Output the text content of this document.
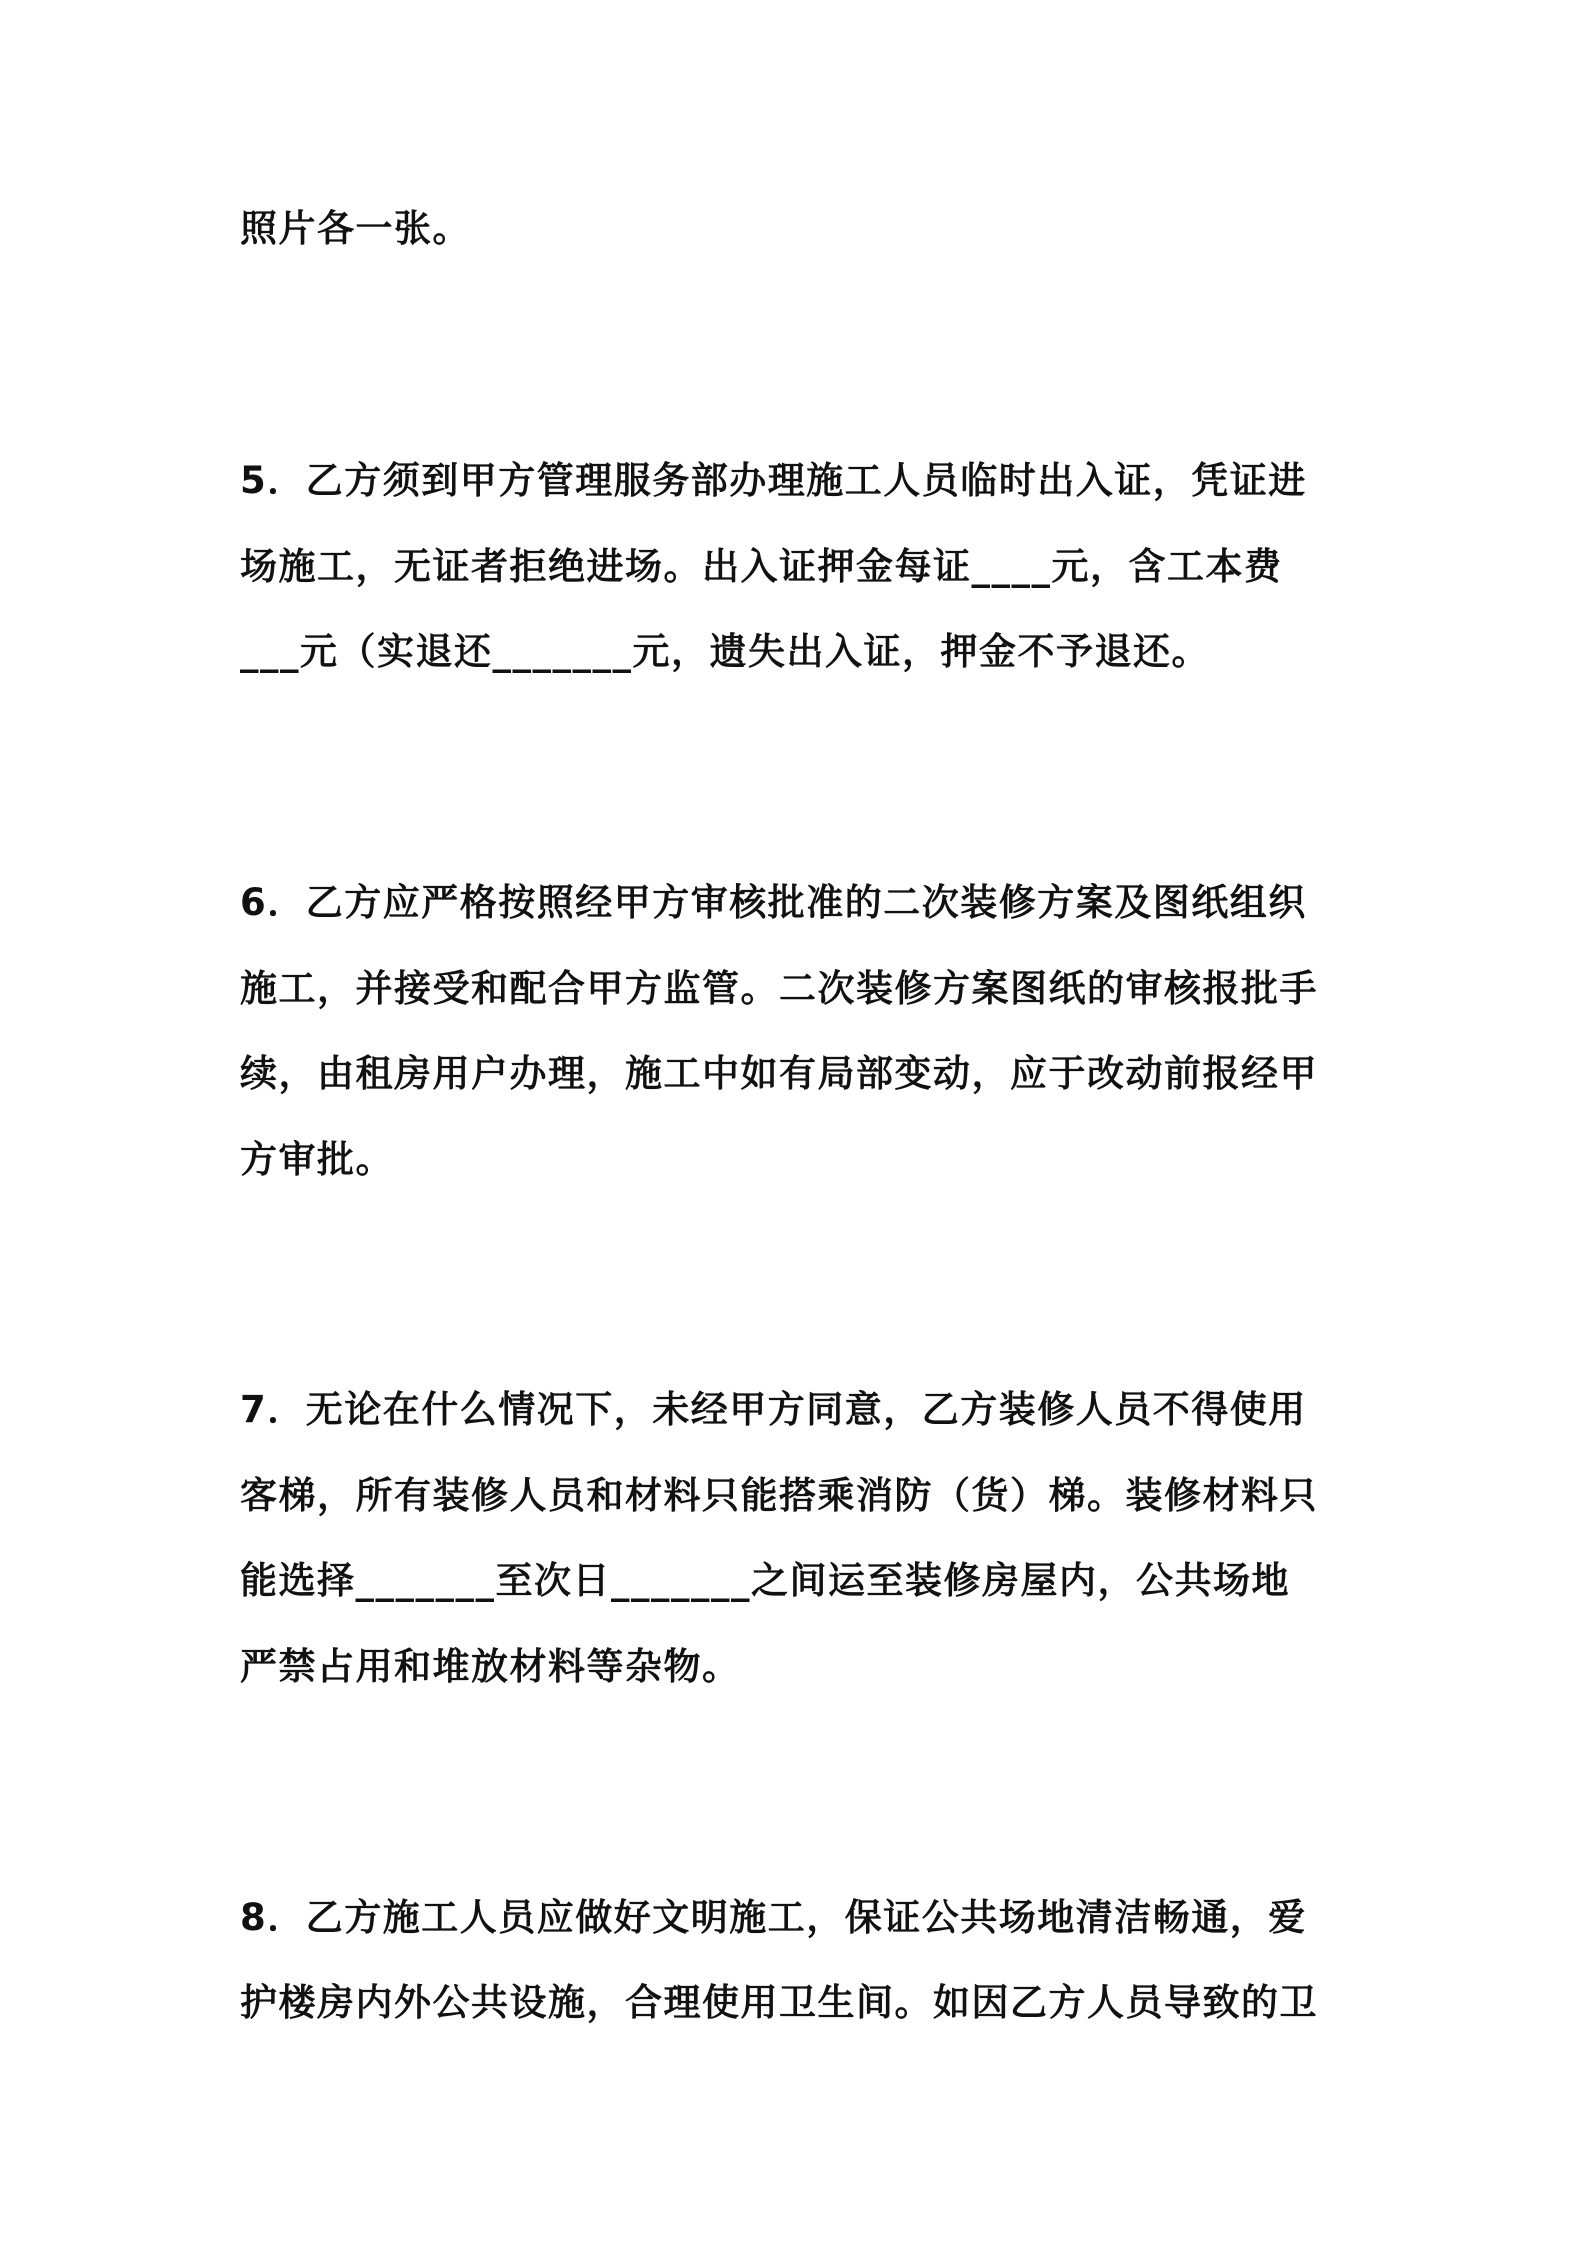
照片各一张。

5．乙方须到甲方管理服务部办理施工人员临时出入证，凭证进

场施工，无证者拒绝进场。出入证押金每证____元，含工本费

___元（实退还_______元，遗失出入证，押金不予退还。

6．乙方应严格按照经甲方审核批准的二次装修方案及图纸组织

施工，并接受和配合甲方监管。二次装修方案图纸的审核报批手

续，由租房用户办理，施工中如有局部变动，应于改动前报经甲

方审批。

7．无论在什么情况下，未经甲方同意，乙方装修人员不得使用

客梯，所有装修人员和材料只能搭乘消防（货）梯。装修材料只

能选择_______至次日_______之间运至装修房屋内，公共场地

严禁占用和堆放材料等杂物。

8．乙方施工人员应做好文明施工，保证公共场地清洁畅通，爱

护楼房内外公共设施，合理使用卫生间。如因乙方人员导致的卫
